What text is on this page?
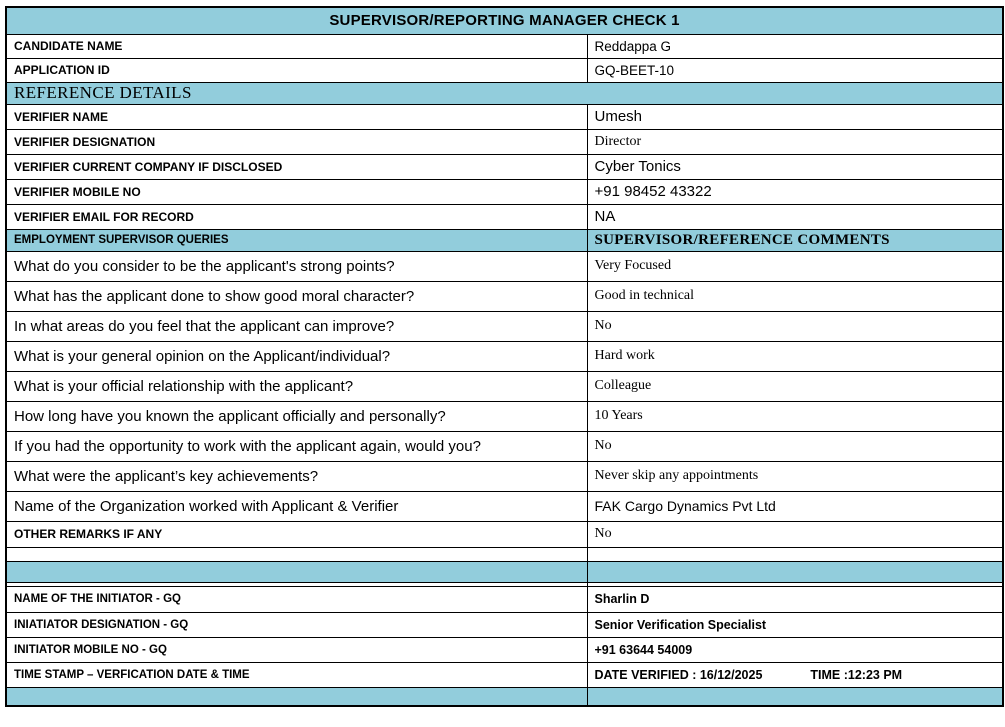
SUPERVISOR/REPORTING MANAGER CHECK 1	
CANDIDATE NAME	Reddappa G
APPLICATION ID	GQ-BEET-10
REFERENCE DETAILS	
VERIFIER NAME	Umesh
VERIFIER DESIGNATION	Director
VERIFIER CURRENT COMPANY IF DISCLOSED	Cyber Tonics
VERIFIER MOBILE NO	+91 98452 43322
VERIFIER EMAIL FOR RECORD	NA
EMPLOYMENT SUPERVISOR QUERIES	SUPERVISOR/REFERENCE COMMENTS
What do you consider to be the applicant's strong points?	Very Focused
What has the applicant done to show good moral character?	Good in technical
In what areas do you feel that the applicant can improve?	No
What is your general opinion on the Applicant/individual?	Hard work
What is your official relationship with the applicant?	Colleague
How long have you known the applicant officially and personally?	10 Years
If you had the opportunity to work with the applicant again, would you?	No
What were the applicant’s key achievements?	Never skip any appointments
Name of the Organization worked with Applicant & Verifier	FAK Cargo Dynamics Pvt Ltd
OTHER REMARKS IF ANY	No

NAME OF THE INITIATOR - GQ	Sharlin D
INIATIATOR DESIGNATION - GQ	Senior Verification Specialist
INITIATOR MOBILE NO - GQ	+91 63644 54009
TIME STAMP – VERFICATION DATE & TIME	DATE VERIFIED : 16/12/2025 TIME :12:23 PM
